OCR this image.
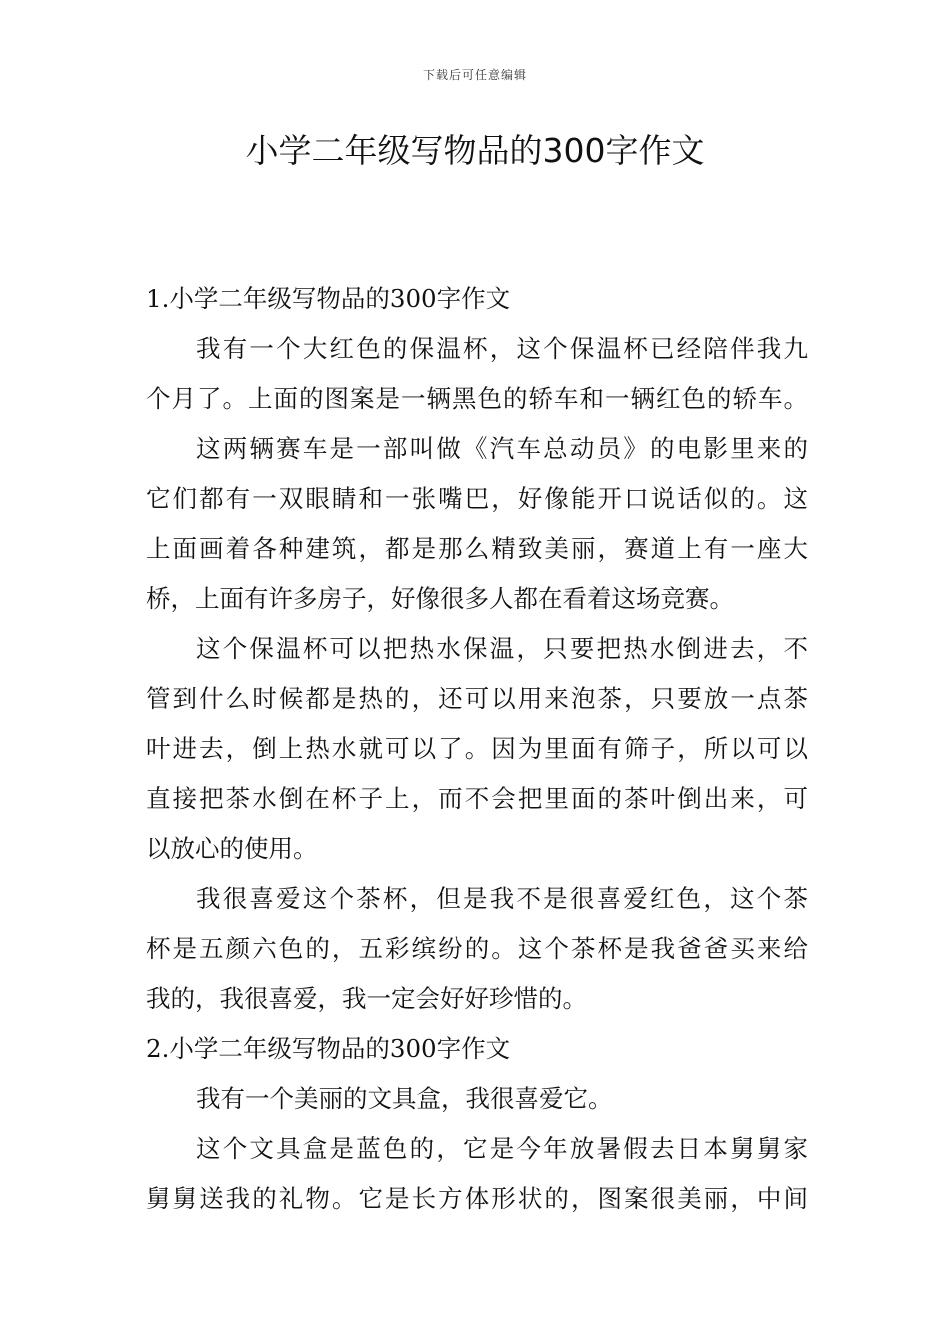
下载后可任意编辑
小学二年级写物品的300字作文
1.小学二年级写物品的300字作文
我有一个大红色的保温杯，这个保温杯已经陪伴我九
个月了。上面的图案是一辆黑色的轿车和一辆红色的轿车。
这两辆赛车是一部叫做《汽车总动员》的电影里来的
它们都有一双眼睛和一张嘴巴，好像能开口说话似的。这
上面画着各种建筑，都是那么精致美丽，赛道上有一座大
桥，上面有许多房子，好像很多人都在看着这场竞赛。
这个保温杯可以把热水保温，只要把热水倒进去，不
管到什么时候都是热的，还可以用来泡茶，只要放一点茶
叶进去，倒上热水就可以了。因为里面有筛子，所以可以
直接把茶水倒在杯子上，而不会把里面的茶叶倒出来，可
以放心的使用。
我很喜爱这个茶杯，但是我不是很喜爱红色，这个茶
杯是五颜六色的，五彩缤纷的。这个茶杯是我爸爸买来给
我的，我很喜爱，我一定会好好珍惜的。
2.小学二年级写物品的300字作文
我有一个美丽的文具盒，我很喜爱它。
这个文具盒是蓝色的，它是今年放暑假去日本舅舅家
舅舅送我的礼物。它是长方体形状的，图案很美丽，中间
